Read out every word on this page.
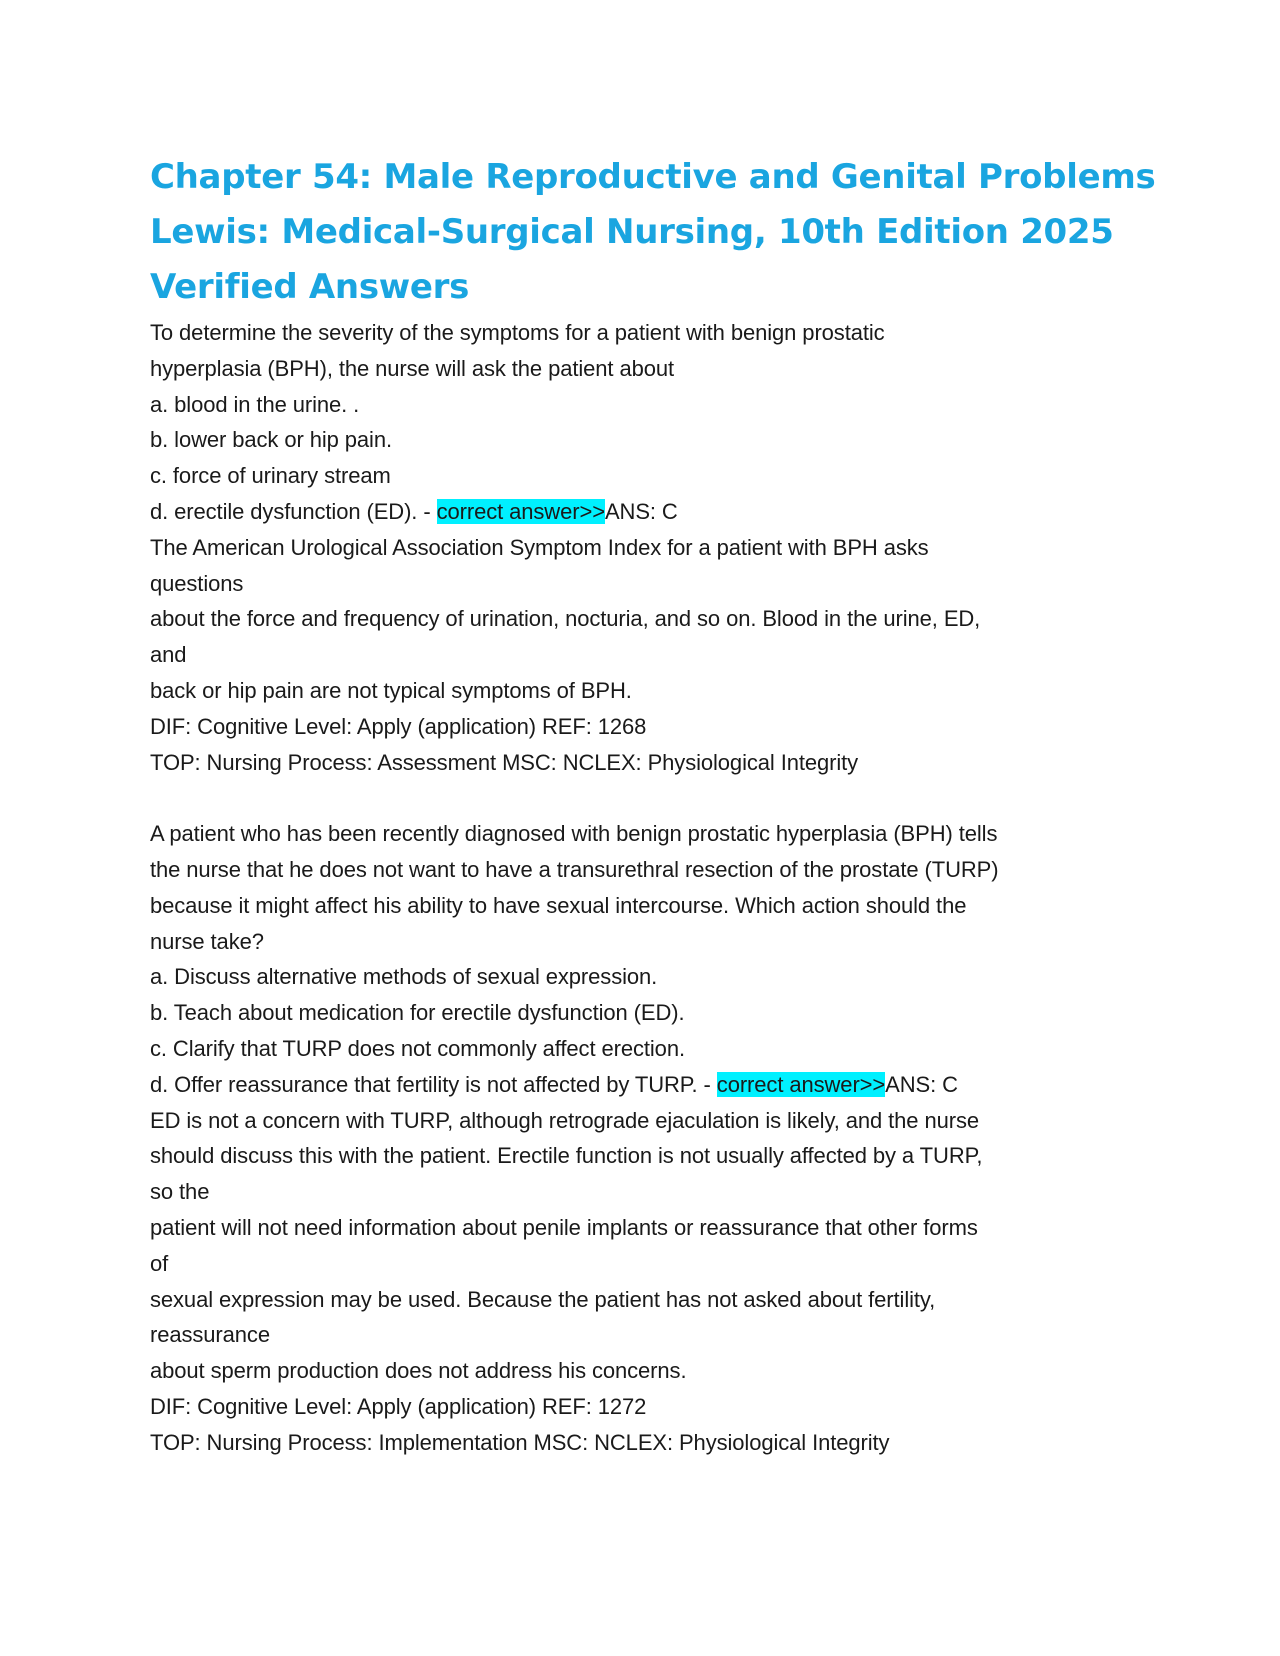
Chapter 54: Male Reproductive and Genital Problems
Lewis: Medical-Surgical Nursing, 10th Edition 2025
Verified Answers
To determine the severity of the symptoms for a patient with benign prostatic
hyperplasia (BPH), the nurse will ask the patient about
a. blood in the urine. .
b. lower back or hip pain.
c. force of urinary stream
d. erectile dysfunction (ED). - correct answer>>ANS: C
The American Urological Association Symptom Index for a patient with BPH asks
questions
about the force and frequency of urination, nocturia, and so on. Blood in the urine, ED,
and
back or hip pain are not typical symptoms of BPH.
DIF: Cognitive Level: Apply (application) REF: 1268
TOP: Nursing Process: Assessment MSC: NCLEX: Physiological Integrity
A patient who has been recently diagnosed with benign prostatic hyperplasia (BPH) tells
the nurse that he does not want to have a transurethral resection of the prostate (TURP)
because it might affect his ability to have sexual intercourse. Which action should the
nurse take?
a. Discuss alternative methods of sexual expression.
b. Teach about medication for erectile dysfunction (ED).
c. Clarify that TURP does not commonly affect erection.
d. Offer reassurance that fertility is not affected by TURP. - correct answer>>ANS: C
ED is not a concern with TURP, although retrograde ejaculation is likely, and the nurse
should discuss this with the patient. Erectile function is not usually affected by a TURP,
so the
patient will not need information about penile implants or reassurance that other forms
of
sexual expression may be used. Because the patient has not asked about fertility,
reassurance
about sperm production does not address his concerns.
DIF: Cognitive Level: Apply (application) REF: 1272
TOP: Nursing Process: Implementation MSC: NCLEX: Physiological Integrity
